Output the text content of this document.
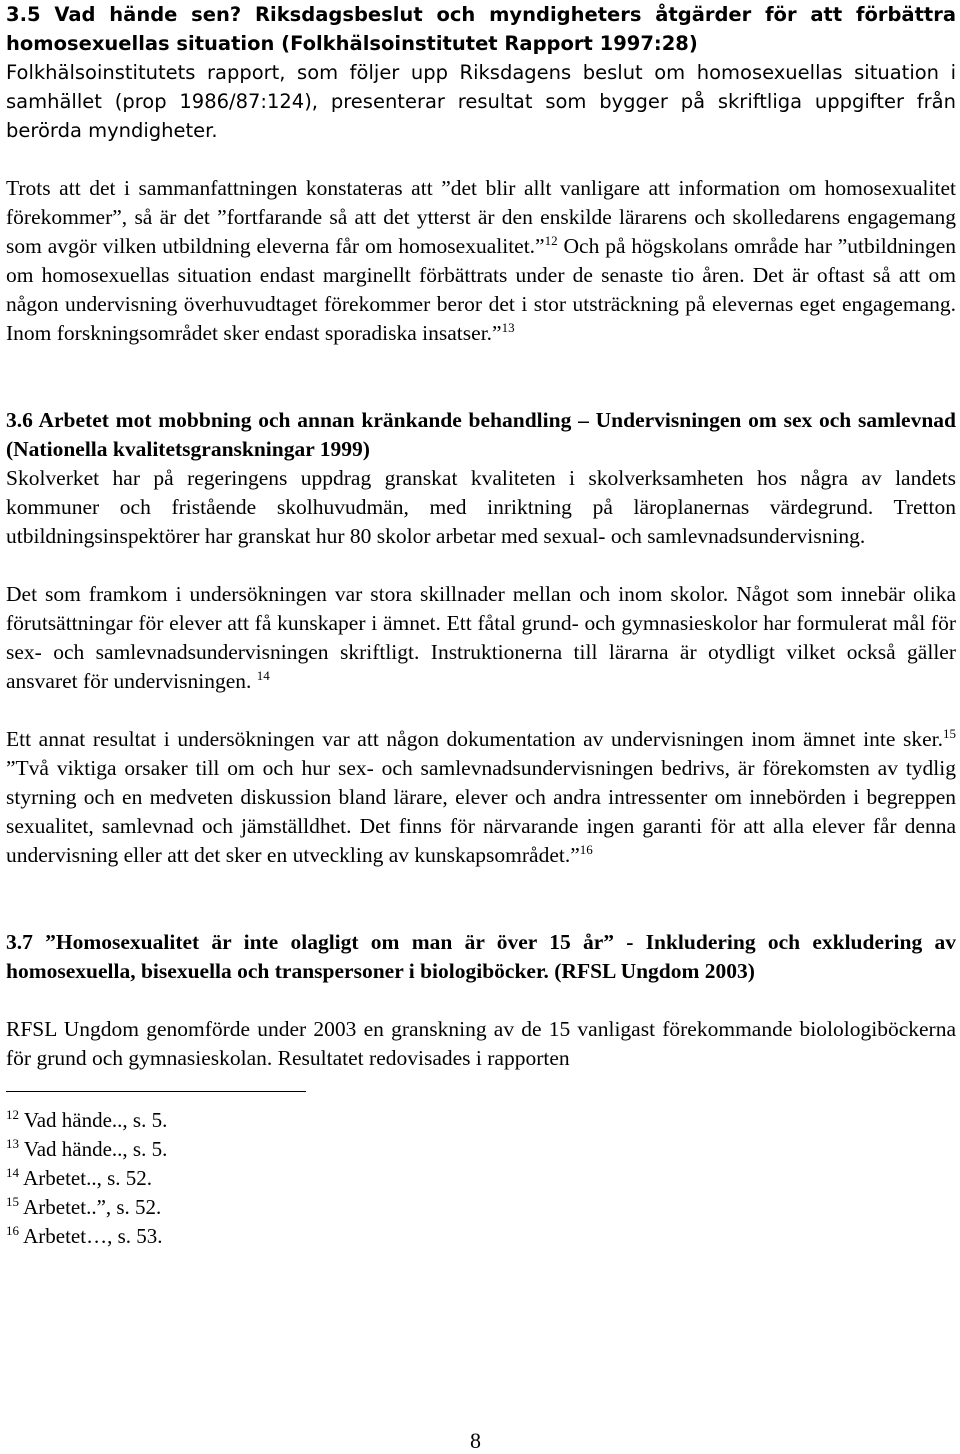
3.5 Vad hände sen? Riksdagsbeslut och myndigheters åtgärder för att förbättra homosexuellas situation (Folkhälsoinstitutet Rapport 1997:28)

Folkhälsoinstitutets rapport, som följer upp Riksdagens beslut om homosexuellas situation i samhället (prop 1986/87:124), presenterar resultat som bygger på skriftliga uppgifter från berörda myndigheter.

Trots att det i sammanfattningen konstateras att ”det blir allt vanligare att information om homosexualitet förekommer”, så är det ”fortfarande så att det ytterst är den enskilde lärarens och skolledarens engagemang som avgör vilken utbildning eleverna får om homosexualitet.”$^{12}$ Och på högskolans område har ”utbildningen om homosexuellas situation endast marginellt förbättrats under de senaste tio åren. Det är oftast så att om någon undervisning överhuvudtaget förekommer beror det i stor utsträckning på elevernas eget engagemang. Inom forskningsområdet sker endast sporadiska insatser.”$^{13}$

3.6 Arbetet mot mobbning och annan kränkande behandling – Undervisningen om sex och samlevnad (Nationella kvalitetsgranskningar 1999)

Skolverket har på regeringens uppdrag granskat kvaliteten i skolverksamheten hos några av landets kommuner och fristående skolhuvudmän, med inriktning på läroplanernas värdegrund. Tretton utbildningsinspektörer har granskat hur 80 skolor arbetar med sexual- och samlevnadsundervisning.

Det som framkom i undersökningen var stora skillnader mellan och inom skolor. Något som innebär olika förutsättningar för elever att få kunskaper i ämnet. Ett fåtal grund- och gymnasieskolor har formulerat mål för sex- och samlevnadsundervisningen skriftligt. Instruktionerna till lärarna är otydligt vilket också gäller ansvaret för undervisningen. $^{14}$

Ett annat resultat i undersökningen var att någon dokumentation av undervisningen inom ämnet inte sker.$^{15}$ ”Två viktiga orsaker till om och hur sex- och samlevnadsundervisningen bedrivs, är förekomsten av tydlig styrning och en medveten diskussion bland lärare, elever och andra intressenter om innebörden i begreppen sexualitet, samlevnad och jämställdhet. Det finns för närvarande ingen garanti för att alla elever får denna undervisning eller att det sker en utveckling av kunskapsområdet.”$^{16}$

3.7 ”Homosexualitet är inte olagligt om man är över 15 år” - Inkludering och exkludering av homosexuella, bisexuella och transpersoner i biologiböcker. (RFSL Ungdom 2003)

RFSL Ungdom genomförde under 2003 en granskning av de 15 vanligast förekommande biolologiböckerna för grund och gymnasieskolan. Resultatet redovisades i rapporten

$^{12}$ Vad hände.., s. 5.
$^{13}$ Vad hände.., s. 5.
$^{14}$ Arbetet.., s. 52.
$^{15}$ Arbetet..”, s. 52.
$^{16}$ Arbetet…, s. 53.
8
